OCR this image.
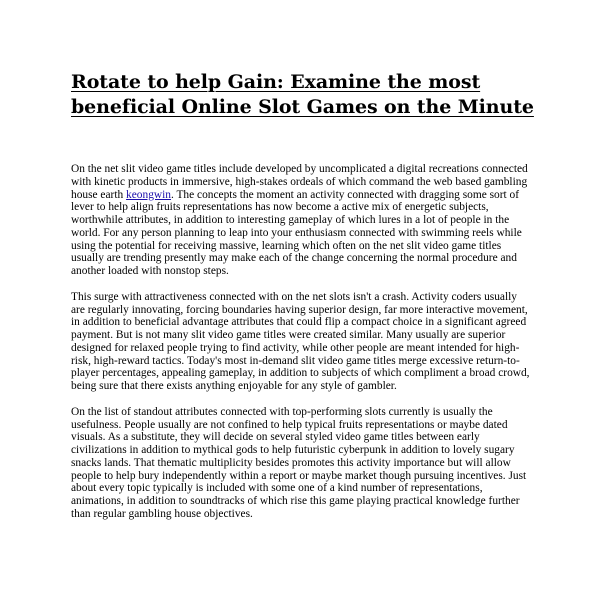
Rotate to help Gain: Examine the most beneficial Online Slot Games on the Minute

On the net slit video game titles include developed by uncomplicated a digital recreations connected with kinetic products in immersive, high-stakes ordeals of which command the web based gambling house earth keongwin. The concepts the moment an activity connected with dragging some sort of lever to help align fruits representations has now become a active mix of energetic subjects, worthwhile attributes, in addition to interesting gameplay of which lures in a lot of people in the world. For any person planning to leap into your enthusiasm connected with swimming reels while using the potential for receiving massive, learning which often on the net slit video game titles usually are trending presently may make each of the change concerning the normal procedure and another loaded with nonstop steps.

This surge with attractiveness connected with on the net slots isn't a crash. Activity coders usually are regularly innovating, forcing boundaries having superior design, far more interactive movement, in addition to beneficial advantage attributes that could flip a compact choice in a significant agreed payment. But is not many slit video game titles were created similar. Many usually are superior designed for relaxed people trying to find activity, while other people are meant intended for high-risk, high-reward tactics. Today's most in-demand slit video game titles merge excessive return-to-player percentages, appealing gameplay, in addition to subjects of which compliment a broad crowd, being sure that there exists anything enjoyable for any style of gambler.

On the list of standout attributes connected with top-performing slots currently is usually the usefulness. People usually are not confined to help typical fruits representations or maybe dated visuals. As a substitute, they will decide on several styled video game titles between early civilizations in addition to mythical gods to help futuristic cyberpunk in addition to lovely sugary snacks lands. That thematic multiplicity besides promotes this activity importance but will allow people to help bury independently within a report or maybe market though pursuing incentives. Just about every topic typically is included with some one of a kind number of representations, animations, in addition to soundtracks of which rise this game playing practical knowledge further than regular gambling house objectives.
